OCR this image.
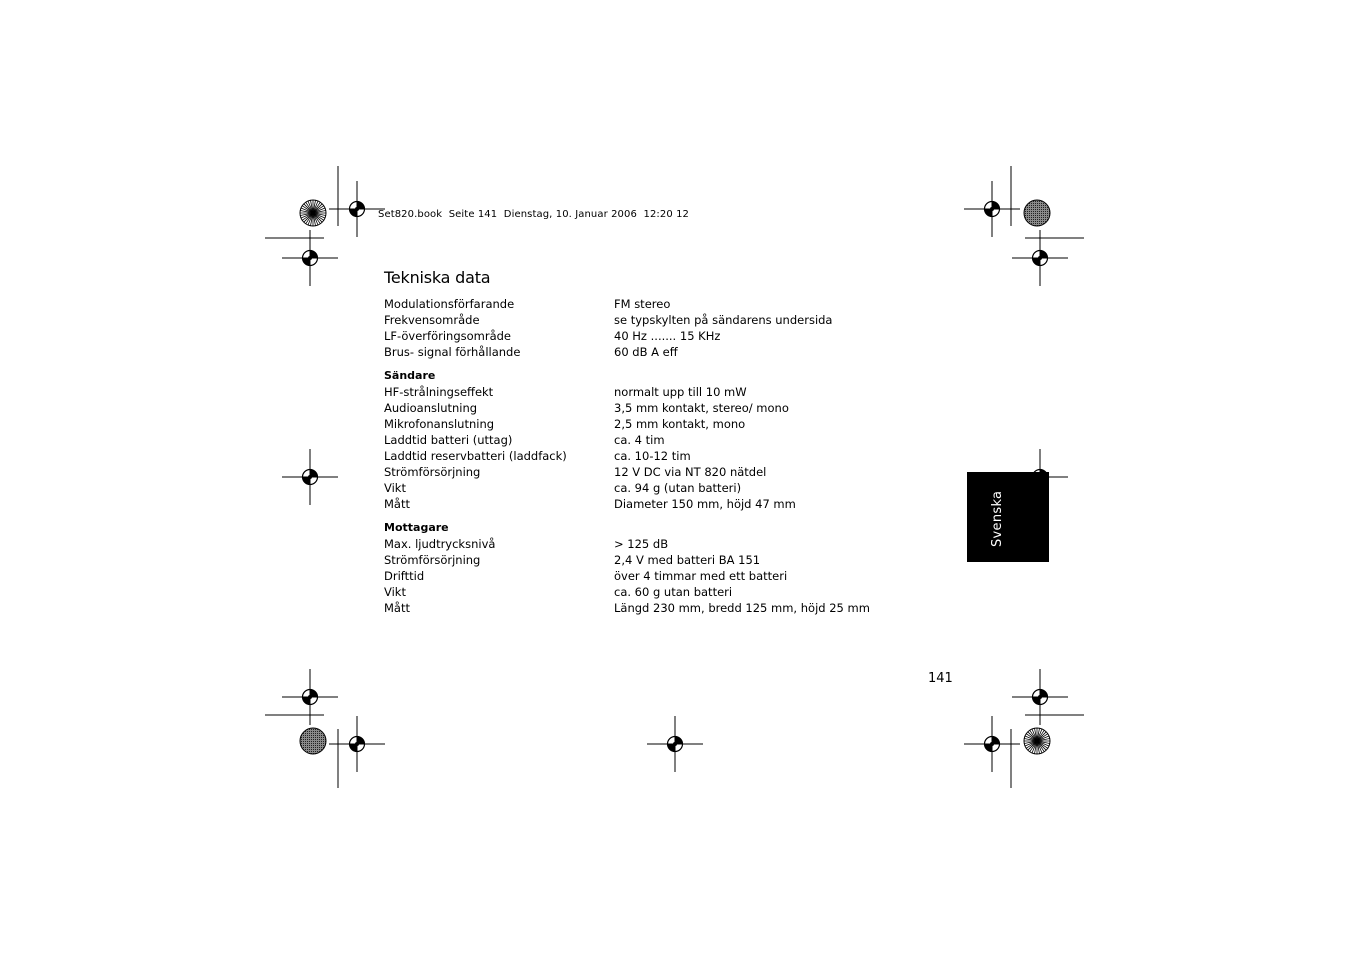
Set820.book  Seite 141  Dienstag, 10. Januar 2006  12:20 12
Tekniska data
Modulationsförfarande	FM stereo
Frekvensområde	se typskylten på sändarens undersida
LF-överföringsområde	40 Hz ....... 15 KHz
Brus- signal förhållande	60 dB A eff
Sändare
HF-strålningseffekt	normalt upp till 10 mW
Audioanslutning	3,5 mm kontakt, stereo/ mono
Mikrofonanslutning	2,5 mm kontakt, mono
Laddtid batteri (uttag)	ca. 4 tim
Laddtid reservbatteri (laddfack)	ca. 10-12 tim
Strömförsörjning	12 V DC via NT 820 nätdel
Vikt	ca. 94 g (utan batteri)
Mått	Diameter 150 mm, höjd 47 mm
Mottagare
Max. ljudtrycksnivå	> 125 dB
Strömförsörjning	2,4 V med batteri BA 151
Drifttid	över 4 timmar med ett batteri
Vikt	ca. 60 g utan batteri
Mått	Längd 230 mm, bredd 125 mm, höjd 25 mm
141
Svenska
